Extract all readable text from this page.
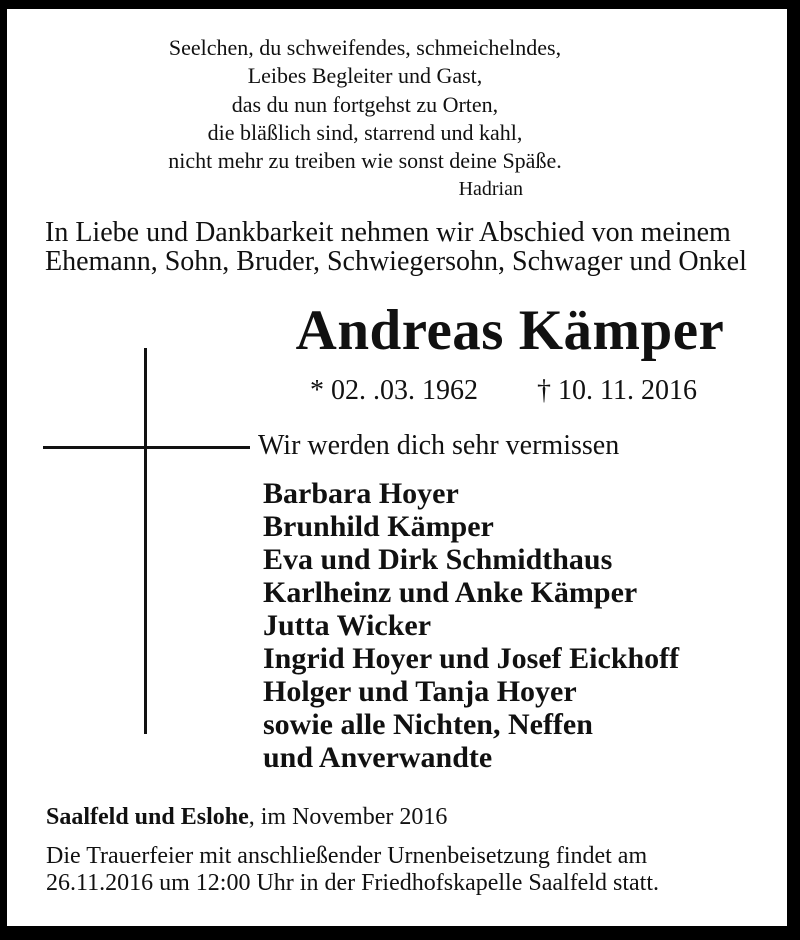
Seelchen, du schweifendes, schmeichelndes,
Leibes Begleiter und Gast,
das du nun fortgehst zu Orten,
die bläßlich sind, starrend und kahl,
nicht mehr zu treiben wie sonst deine Späße.
Hadrian
In Liebe und Dankbarkeit nehmen wir Abschied von meinem
Ehemann, Sohn, Bruder, Schwiegersohn, Schwager und Onkel
Andreas Kämper
* 02. .03. 1962 † 10. 11. 2016
Wir werden dich sehr vermissen
Barbara Hoyer
Brunhild Kämper
Eva und Dirk Schmidthaus
Karlheinz und Anke Kämper
Jutta Wicker
Ingrid Hoyer und Josef Eickhoff
Holger und Tanja Hoyer
sowie alle Nichten, Neffen
und Anverwandte
Saalfeld und Eslohe, im November 2016
Die Trauerfeier mit anschließender Urnenbeisetzung findet am
26.11.2016 um 12:00 Uhr in der Friedhofskapelle Saalfeld statt.
